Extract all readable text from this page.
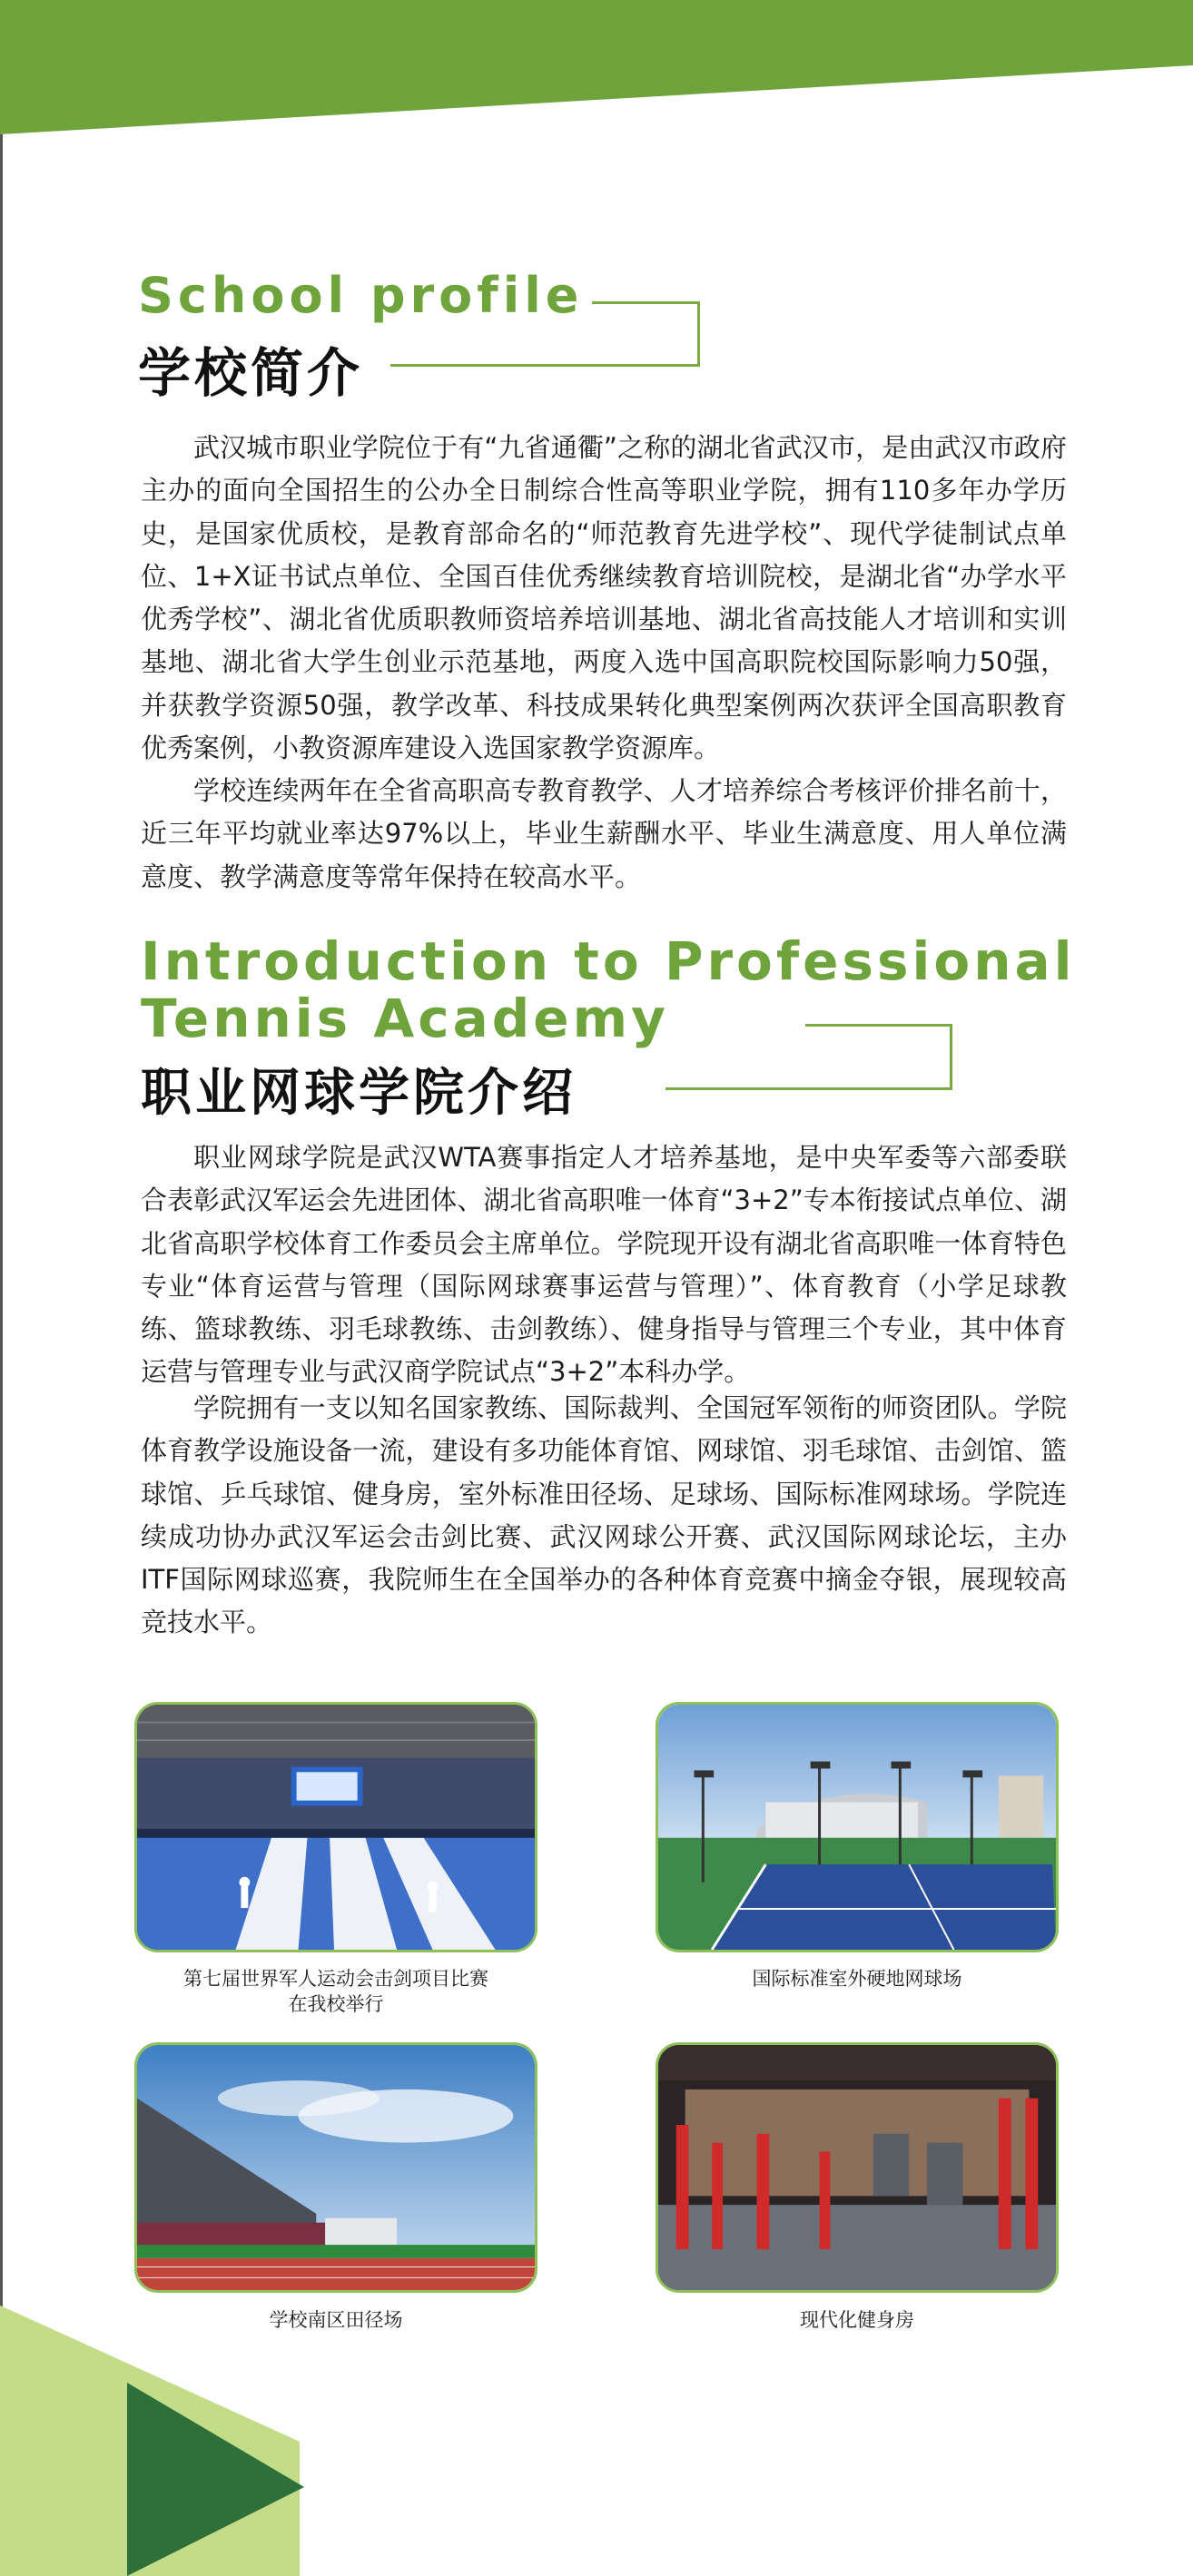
School profile
学校简介

武汉城市职业学院位于有“九省通衢”之称的湖北省武汉市，是由武汉市政府主办的面向全国招生的公办全日制综合性高等职业学院，拥有110多年办学历史，是国家优质校，是教育部命名的“师范教育先进学校”、现代学徒制试点单位、1+X证书试点单位、全国百佳优秀继续教育培训院校，是湖北省“办学水平优秀学校”、湖北省优质职教师资培养培训基地、湖北省高技能人才培训和实训基地、湖北省大学生创业示范基地，两度入选中国高职院校国际影响力50强，并获教学资源50强，教学改革、科技成果转化典型案例两次获评全国高职教育优秀案例，小教资源库建设入选国家教学资源库。

学校连续两年在全省高职高专教育教学、人才培养综合考核评价排名前十，近三年平均就业率达97%以上，毕业生薪酬水平、毕业生满意度、用人单位满意度、教学满意度等常年保持在较高水平。

Introduction to Professional
Tennis Academy
职业网球学院介绍

职业网球学院是武汉WTA赛事指定人才培养基地，是中央军委等六部委联合表彰武汉军运会先进团体、湖北省高职唯一体育“3+2”专本衔接试点单位、湖北省高职学校体育工作委员会主席单位。学院现开设有湖北省高职唯一体育特色专业“体育运营与管理（国际网球赛事运营与管理）”、体育教育（小学足球教练、篮球教练、羽毛球教练、击剑教练）、健身指导与管理三个专业，其中体育运营与管理专业与武汉商学院试点“3+2”本科办学。

学院拥有一支以知名国家教练、国际裁判、全国冠军领衔的师资团队。学院体育教学设施设备一流，建设有多功能体育馆、网球馆、羽毛球馆、击剑馆、篮球馆、乒乓球馆、健身房，室外标准田径场、足球场、国际标准网球场。学院连续成功协办武汉军运会击剑比赛、武汉网球公开赛、武汉国际网球论坛，主办ITF国际网球巡赛，我院师生在全国举办的各种体育竞赛中摘金夺银，展现较高竞技水平。

第七届世界军人运动会击剑项目比赛
在我校举行
国际标准室外硬地网球场
学校南区田径场	现代化健身房
